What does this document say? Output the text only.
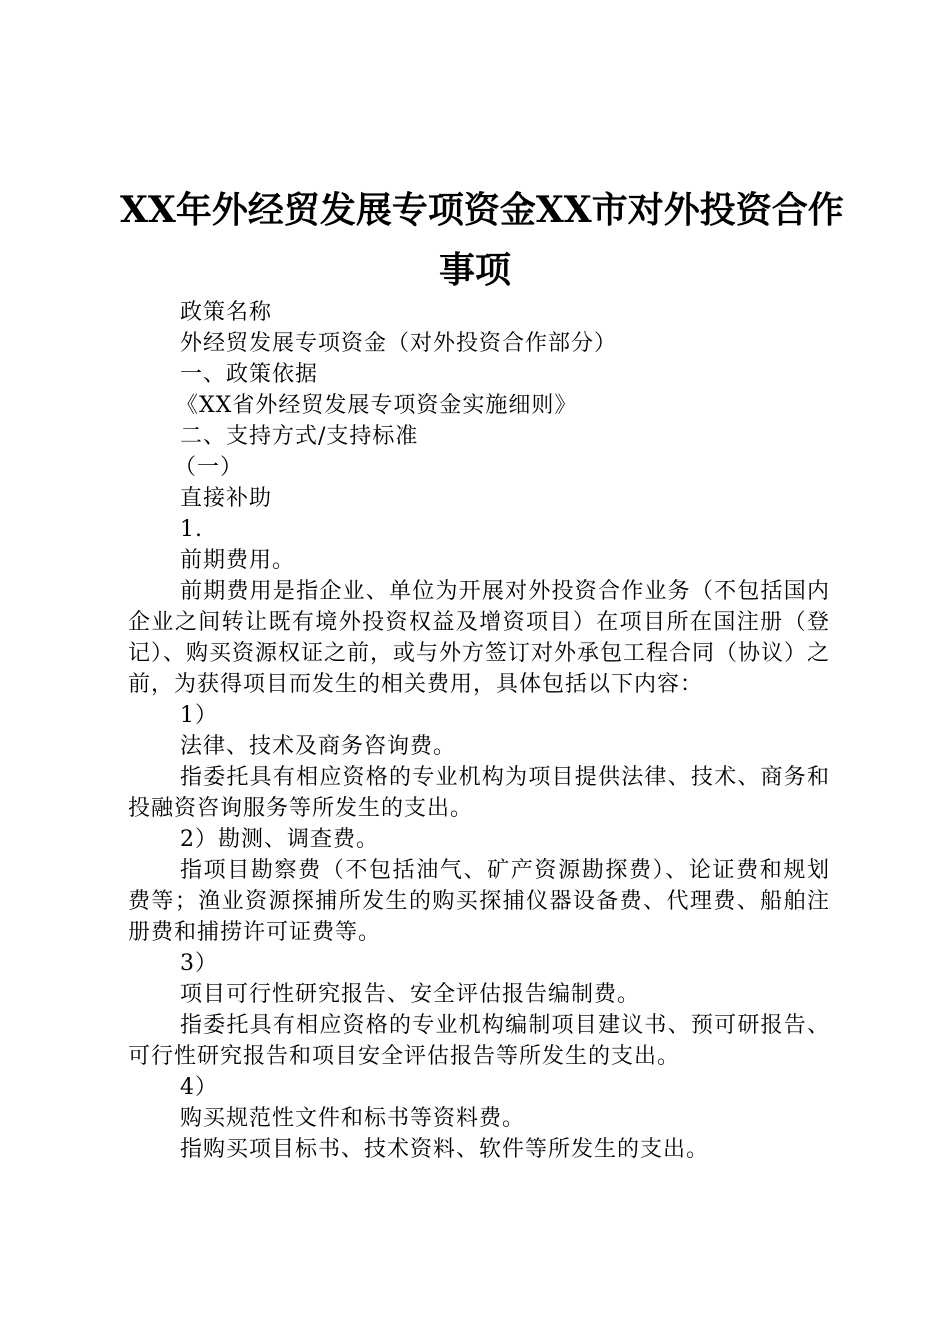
XX年外经贸发展专项资金XX市对外投资合作
事项

政策名称

外经贸发展专项资金（对外投资合作部分）

一、政策依据

《XX省外经贸发展专项资金实施细则》

二、支持方式/支持标准

（一）

直接补助

1.

前期费用。

前期费用是指企业、单位为开展对外投资合作业务（不包括国内企业之间转让既有境外投资权益及增资项目）在项目所在国注册（登记）、购买资源权证之前，或与外方签订对外承包工程合同（协议）之前，为获得项目而发生的相关费用，具体包括以下内容：

1）

法律、技术及商务咨询费。

指委托具有相应资格的专业机构为项目提供法律、技术、商务和投融资咨询服务等所发生的支出。

2）勘测、调查费。

指项目勘察费（不包括油气、矿产资源勘探费）、论证费和规划费等；渔业资源探捕所发生的购买探捕仪器设备费、代理费、船舶注册费和捕捞许可证费等。

3）

项目可行性研究报告、安全评估报告编制费。

指委托具有相应资格的专业机构编制项目建议书、预可研报告、可行性研究报告和项目安全评估报告等所发生的支出。

4）

购买规范性文件和标书等资料费。

指购买项目标书、技术资料、软件等所发生的支出。
